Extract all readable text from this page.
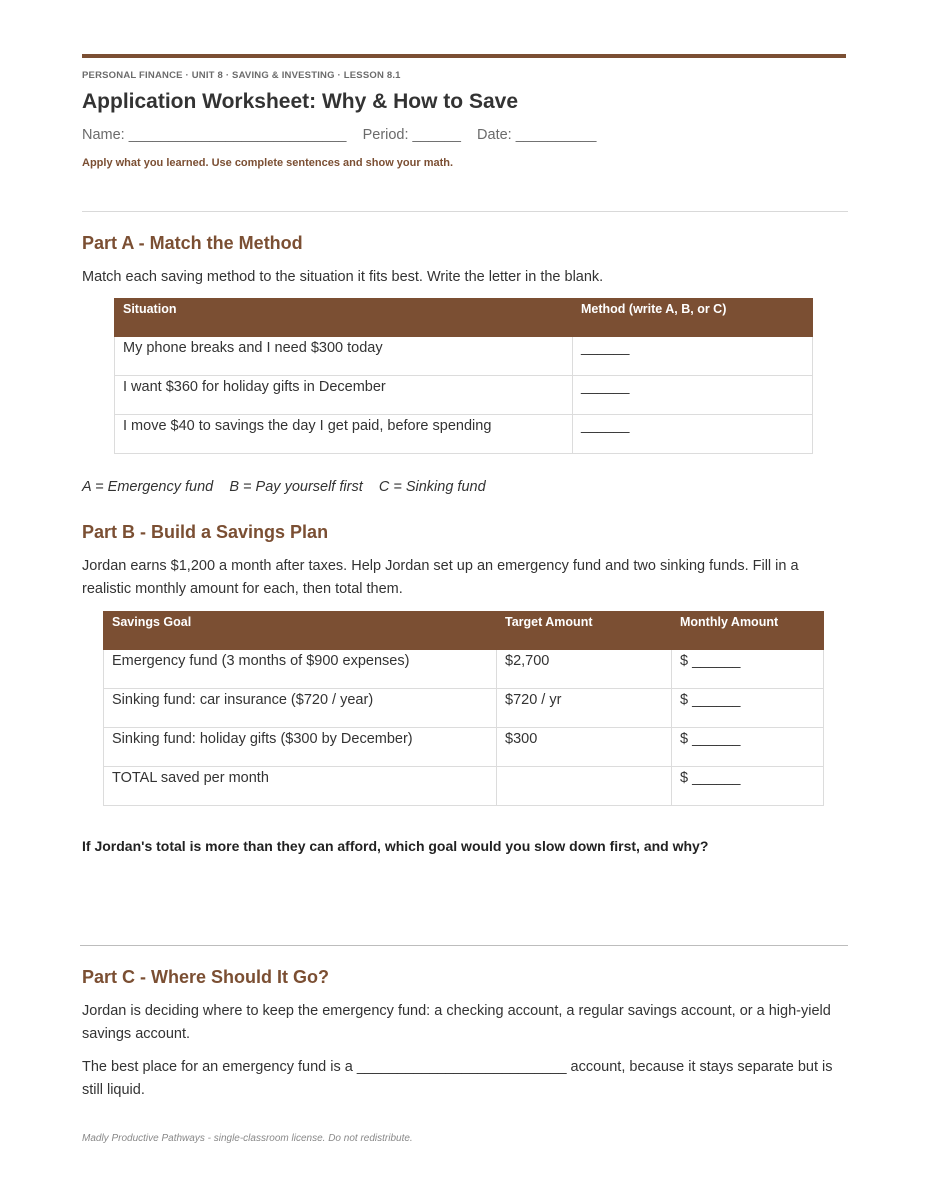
PERSONAL FINANCE · UNIT 8 · SAVING & INVESTING · LESSON 8.1
Application Worksheet: Why & How to Save
Name: ___________________________    Period: ______    Date: __________
Apply what you learned. Use complete sentences and show your math.
Part A - Match the Method
Match each saving method to the situation it fits best. Write the letter in the blank.
Situation	Method (write A, B, or C)
My phone breaks and I need $300 today	______
I want $360 for holiday gifts in December	______
I move $40 to savings the day I get paid, before spending	______
A = Emergency fund    B = Pay yourself first    C = Sinking fund
Part B - Build a Savings Plan
Jordan earns $1,200 a month after taxes. Help Jordan set up an emergency fund and two sinking funds. Fill in a realistic monthly amount for each, then total them.
Savings Goal	Target Amount	Monthly Amount
Emergency fund (3 months of $900 expenses)	$2,700	$ ______
Sinking fund: car insurance ($720 / year)	$720 / yr	$ ______
Sinking fund: holiday gifts ($300 by December)	$300	$ ______
TOTAL saved per month		$ ______
If Jordan's total is more than they can afford, which goal would you slow down first, and why?
Part C - Where Should It Go?
Jordan is deciding where to keep the emergency fund: a checking account, a regular savings account, or a high-yield savings account.
The best place for an emergency fund is a __________________________ account, because it stays separate but is still liquid.
Madly Productive Pathways - single-classroom license. Do not redistribute.
